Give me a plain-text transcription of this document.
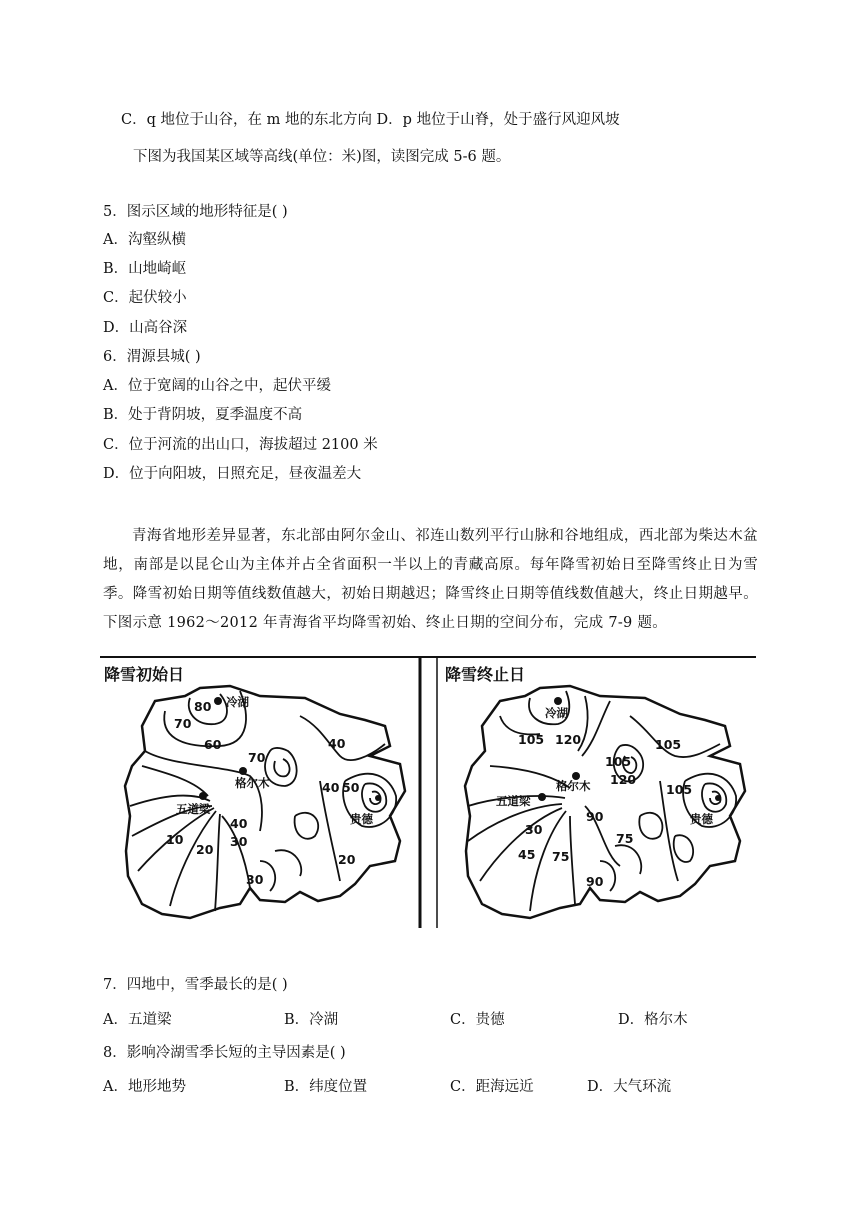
C．q 地位于山谷，在 m 地的东北方向 D．p 地位于山脊，处于盛行风迎风坡
下图为我国某区域等高线(单位：米)图，读图完成 5-6 题。
5．图示区域的地形特征是( )
A．沟壑纵横
B．山地崎岖
C．起伏较小
D．山高谷深
6．渭源县城( )
A．位于宽阔的山谷之中，起伏平缓
B．处于背阴坡，夏季温度不高
C．位于河流的出山口，海拔超过 2100 米
D．位于向阳坡，日照充足，昼夜温差大
青海省地形差异显著，东北部由阿尔金山、祁连山数列平行山脉和谷地组成，西北部为柴达木盆地，南部是以昆仑山为主体并占全省面积一半以上的青藏高原。每年降雪初始日至降雪终止日为雪季。降雪初始日期等值线数值越大，初始日期越迟；降雪终止日期等值线数值越大，终止日期越早。下图示意 1962～2012 年青海省平均降雪初始、终止日期的空间分布，完成 7-9 题。
降雪初始日
冷湖
格尔木
五道梁
贵德
80
70
60
70
40
40 50
40
10
20
30
20
30
降雪终止日
冷湖
格尔木
五道梁
贵德
105 120
105
105
120
105
90
30
45 75
75
90
7．四地中，雪季最长的是( )
A．五道梁	B．冷湖	C．贵德	D．格尔木
8．影响冷湖雪季长短的主导因素是( )
A．地形地势	B．纬度位置	C．距海远近	D．大气环流
